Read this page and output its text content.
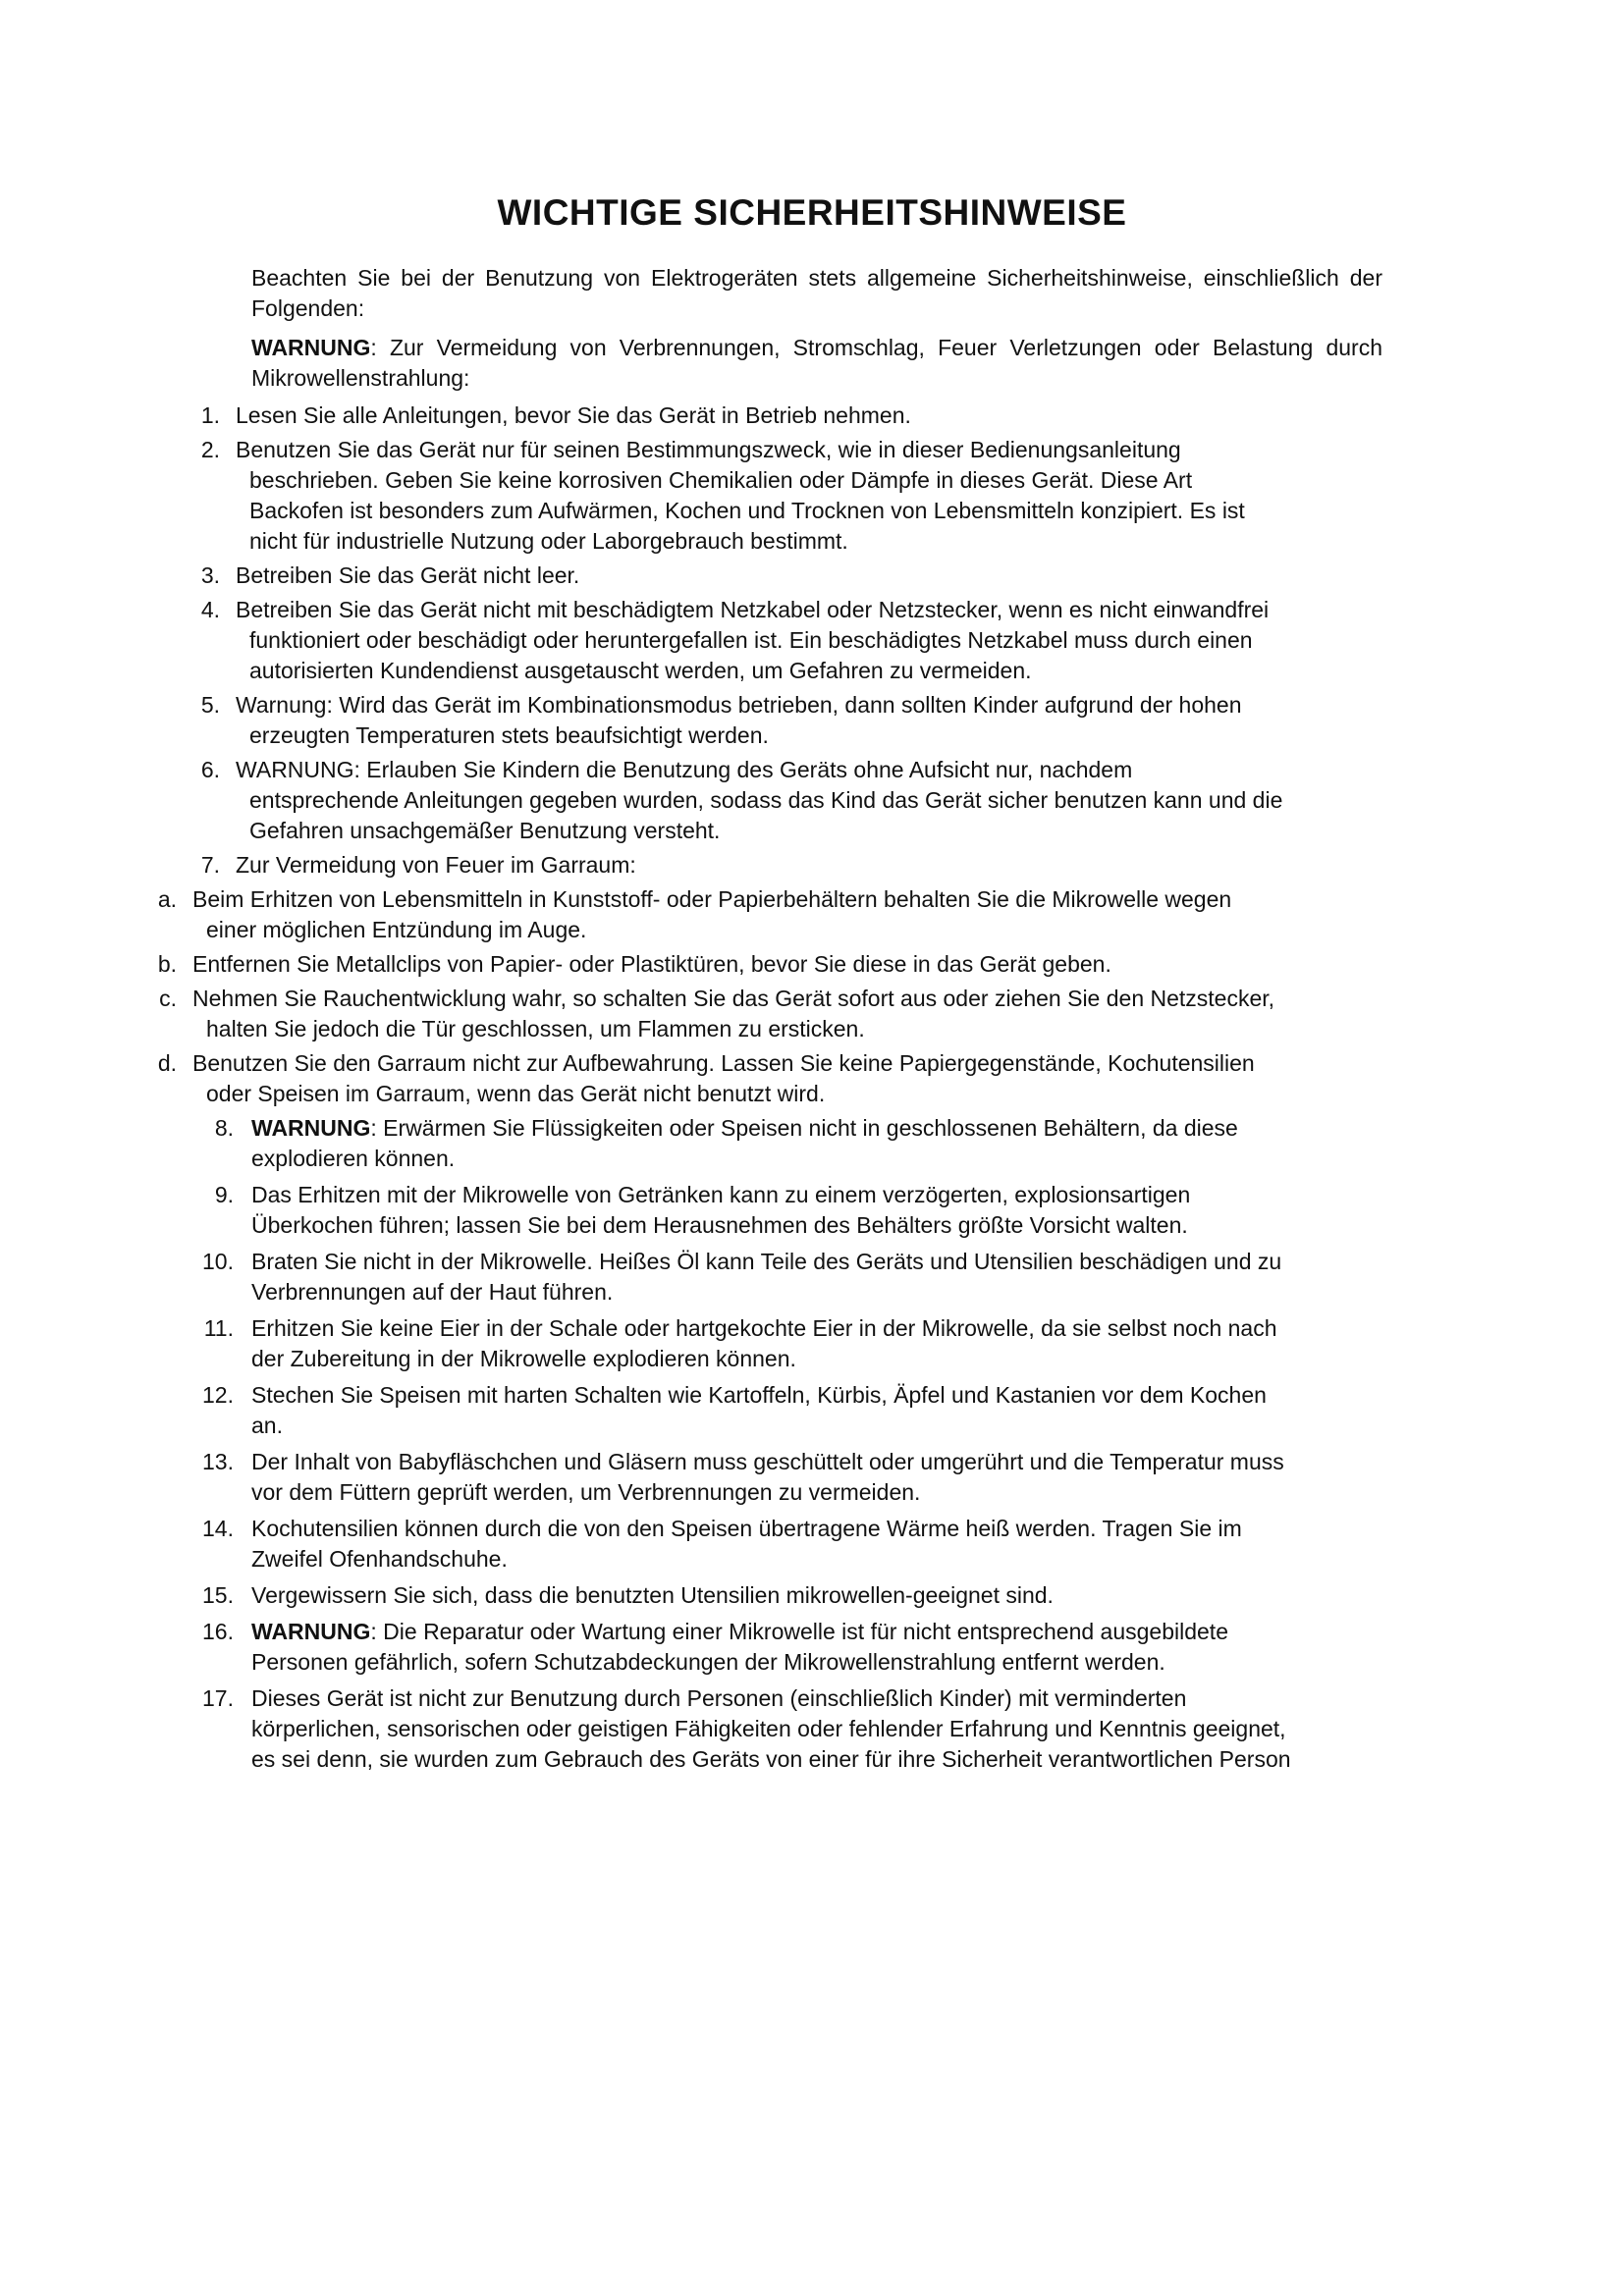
WICHTIGE SICHERHEITSHINWEISE
Beachten Sie bei der Benutzung von Elektrogeräten stets allgemeine Sicherheitshinweise, einschließlich der Folgenden:
WARNUNG: Zur Vermeidung von Verbrennungen, Stromschlag, Feuer Verletzungen oder Belastung durch Mikrowellenstrahlung:
1. Lesen Sie alle Anleitungen, bevor Sie das Gerät in Betrieb nehmen.
2. Benutzen Sie das Gerät nur für seinen Bestimmungszweck, wie in dieser Bedienungsanleitung
beschrieben. Geben Sie keine korrosiven Chemikalien oder Dämpfe in dieses Gerät. Diese Art
Backofen ist besonders zum Aufwärmen, Kochen und Trocknen von Lebensmitteln konzipiert. Es ist
nicht für industrielle Nutzung oder Laborgebrauch bestimmt.
3. Betreiben Sie das Gerät nicht leer.
4. Betreiben Sie das Gerät nicht mit beschädigtem Netzkabel oder Netzstecker, wenn es nicht einwandfrei
funktioniert oder beschädigt oder heruntergefallen ist. Ein beschädigtes Netzkabel muss durch einen
autorisierten Kundendienst ausgetauscht werden, um Gefahren zu vermeiden.
5. Warnung: Wird das Gerät im Kombinationsmodus betrieben, dann sollten Kinder aufgrund der hohen
erzeugten Temperaturen stets beaufsichtigt werden.
6. WARNUNG: Erlauben Sie Kindern die Benutzung des Geräts ohne Aufsicht nur, nachdem
entsprechende Anleitungen gegeben wurden, sodass das Kind das Gerät sicher benutzen kann und die
Gefahren unsachgemäßer Benutzung versteht.
7. Zur Vermeidung von Feuer im Garraum:
a. Beim Erhitzen von Lebensmitteln in Kunststoff- oder Papierbehältern behalten Sie die Mikrowelle wegen
einer möglichen Entzündung im Auge.
b. Entfernen Sie Metallclips von Papier- oder Plastiktüren, bevor Sie diese in das Gerät geben.
c. Nehmen Sie Rauchentwicklung wahr, so schalten Sie das Gerät sofort aus oder ziehen Sie den Netzstecker,
halten Sie jedoch die Tür geschlossen, um Flammen zu ersticken.
d. Benutzen Sie den Garraum nicht zur Aufbewahrung. Lassen Sie keine Papiergegenstände, Kochutensilien
oder Speisen im Garraum, wenn das Gerät nicht benutzt wird.
8. WARNUNG: Erwärmen Sie Flüssigkeiten oder Speisen nicht in geschlossenen Behältern, da diese
explodieren können.
9. Das Erhitzen mit der Mikrowelle von Getränken kann zu einem verzögerten, explosionsartigen
Überkochen führen; lassen Sie bei dem Herausnehmen des Behälters größte Vorsicht walten.
10. Braten Sie nicht in der Mikrowelle. Heißes Öl kann Teile des Geräts und Utensilien beschädigen und zu
Verbrennungen auf der Haut führen.
11. Erhitzen Sie keine Eier in der Schale oder hartgekochte Eier in der Mikrowelle, da sie selbst noch nach
der Zubereitung in der Mikrowelle explodieren können.
12. Stechen Sie Speisen mit harten Schalten wie Kartoffeln, Kürbis, Äpfel und Kastanien vor dem Kochen
an.
13. Der Inhalt von Babyfläschchen und Gläsern muss geschüttelt oder umgerührt und die Temperatur muss
vor dem Füttern geprüft werden, um Verbrennungen zu vermeiden.
14. Kochutensilien können durch die von den Speisen übertragene Wärme heiß werden. Tragen Sie im
Zweifel Ofenhandschuhe.
15. Vergewissern Sie sich, dass die benutzten Utensilien mikrowellen-geeignet sind.
16. WARNUNG: Die Reparatur oder Wartung einer Mikrowelle ist für nicht entsprechend ausgebildete
Personen gefährlich, sofern Schutzabdeckungen der Mikrowellenstrahlung entfernt werden.
17. Dieses Gerät ist nicht zur Benutzung durch Personen (einschließlich Kinder) mit verminderten
körperlichen, sensorischen oder geistigen Fähigkeiten oder fehlender Erfahrung und Kenntnis geeignet,
es sei denn, sie wurden zum Gebrauch des Geräts von einer für ihre Sicherheit verantwortlichen Person
